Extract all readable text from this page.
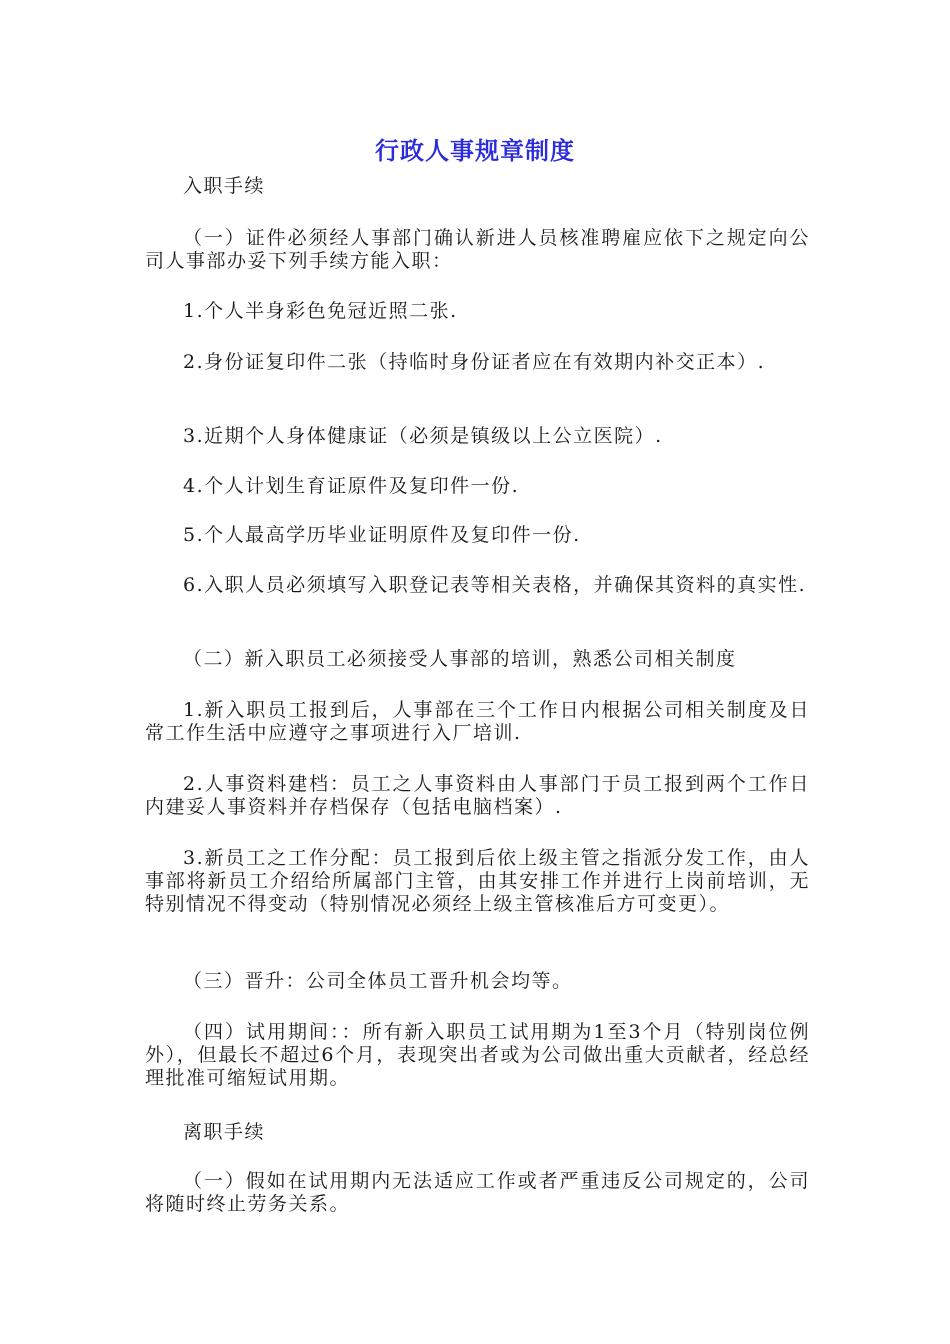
行政人事规章制度
入职手续
（一）证件必须经人事部门确认新进人员核准聘雇应依下之规定向公司人事部办妥下列手续方能入职：
1.个人半身彩色免冠近照二张.
2.身份证复印件二张（持临时身份证者应在有效期内补交正本）.
3.近期个人身体健康证（必须是镇级以上公立医院）.
4.个人计划生育证原件及复印件一份.
5.个人最高学历毕业证明原件及复印件一份.
6.入职人员必须填写入职登记表等相关表格，并确保其资料的真实性.
（二）新入职员工必须接受人事部的培训，熟悉公司相关制度
1.新入职员工报到后，人事部在三个工作日内根据公司相关制度及日常工作生活中应遵守之事项进行入厂培训.
2.人事资料建档：员工之人事资料由人事部门于员工报到两个工作日内建妥人事资料并存档保存（包括电脑档案）.
3.新员工之工作分配：员工报到后依上级主管之指派分发工作，由人事部将新员工介绍给所属部门主管，由其安排工作并进行上岗前培训，无特别情况不得变动（特别情况必须经上级主管核准后方可变更）。
（三）晋升：公司全体员工晋升机会均等。
（四）试用期间：：所有新入职员工试用期为1至3个月（特别岗位例外），但最长不超过6个月，表现突出者或为公司做出重大贡献者，经总经理批准可缩短试用期。
离职手续
（一）假如在试用期内无法适应工作或者严重违反公司规定的，公司将随时终止劳务关系。
